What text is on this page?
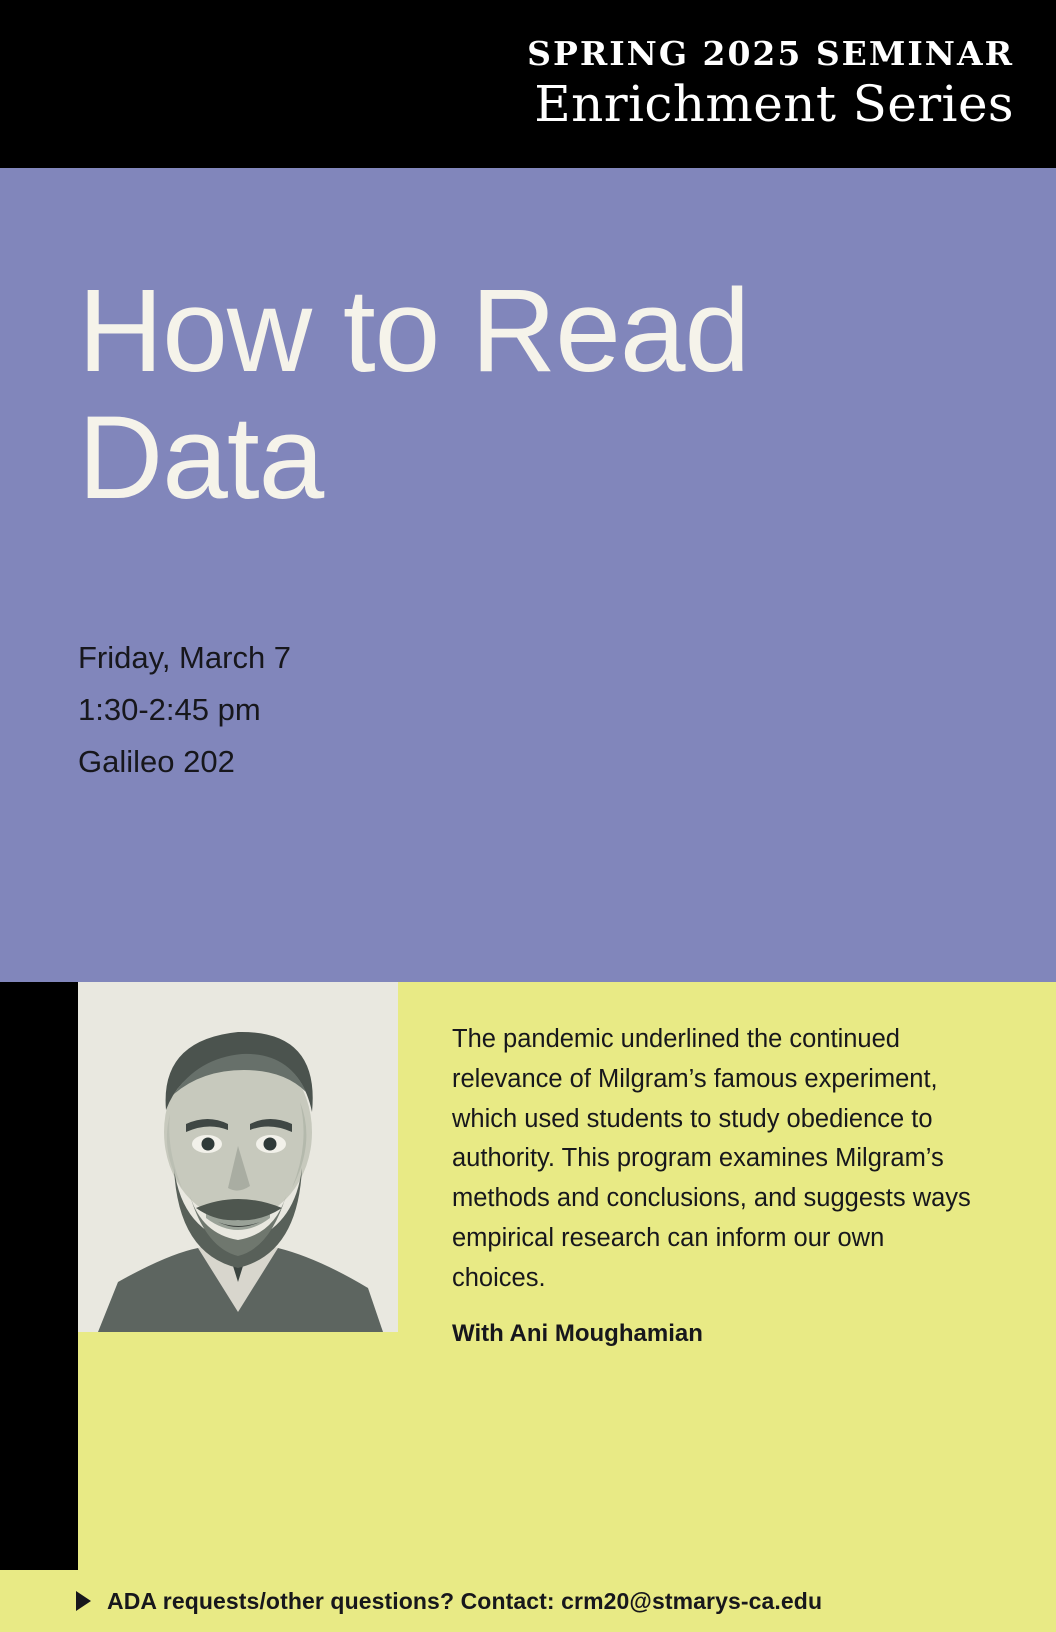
SPRING 2025 SEMINAR
Enrichment Series
How to Read Data
Friday, March 7
1:30-2:45 pm
Galileo 202
The pandemic underlined the continued relevance of Milgram’s famous experiment, which used students to study obedience to authority. This program examines Milgram’s methods and conclusions, and suggests ways empirical research can inform our own choices.
With Ani Moughamian
ADA requests/other questions? Contact: crm20@stmarys-ca.edu
